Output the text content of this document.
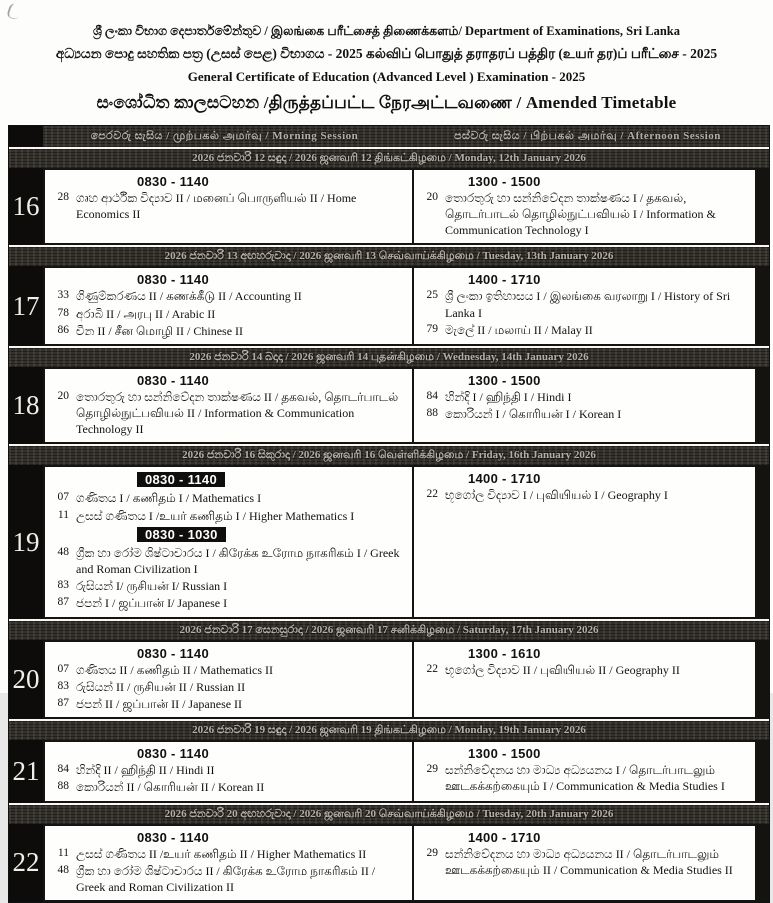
ශ්‍රී ලංකා විභාග දෙපාර්තමේන්තුව / இலங்கை பரீட்சைத் திணைக்களம்/ Department of Examinations, Sri Lanka
අධ්‍යයන පොදු සහතික පත්‍ර (උසස් පෙළ) විභාගය - 2025 கல்விப் பொதுத் தராதரப் பத்திர (உயர் தர)ப் பரீட்சை - 2025
General Certificate of Education (Advanced Level ) Examination - 2025
සංශෝධිත කාලසටහන /திருத்தப்பட்ட நேரஅட்டவணை / Amended Timetable
පෙරවරු සැසිය / முற்பகல் அமர்வு / Morning Session	පස්වරු සැසිය / பிற்பகல் அமர்வு / Afternoon Session
2026 ජනවාරි 12 සඳුදා / 2026 ஜனவரி 12 திங்கட்கிழமை / Monday, 12th January 2026
16
0830 - 1140
28 ගෘහ ආර්ථික විද්‍යාව II / மனைப் பொருளியல் II / Home Economics II
1300 - 1500
20 තොරතුරු හා සන්නිවේදන තාක්ෂණය I / தகவல், தொடர்பாடல் தொழில்நுட்பவியல் I / Information & Communication Technology I
2026 ජනවාරි 13 අඟහරුවාදා / 2026 ஜனவரி 13 செவ்வாய்க்கிழமை / Tuesday, 13th January 2026
17
0830 - 1140
33 ගිණුම්කරණය II / கணக்கீடு II / Accounting II
78 අරාබි II / அரபு II / Arabic II
86 චීන II / சீன மொழி II / Chinese II
1400 - 1710
25 ශ්‍රී ලංකා ඉතිහාසය I / இலங்கை வரலாறு I / History of Sri Lanka I
79 මැලේ II / மலாய் II / Malay II
2026 ජනවාරි 14 බදාදා / 2026 ஜனவரி 14 புதன்கிழமை / Wednesday, 14th January 2026
18
0830 - 1140
20 තොරතුරු හා සන්නිවේදන තාක්ෂණය II / தகவல், தொடர்பாடல் தொழில்நுட்பவியல் II / Information & Communication Technology II
1300 - 1500
84 හින්දි I / ஹிந்தி I / Hindi I
88 කොරියන් I / கொரியன் I / Korean I
2026 ජනවාරි 16 සිකුරාදා / 2026 ஜனவரி 16 வெள்ளிக்கிழமை / Friday, 16th January 2026
19
0830 - 1140
07 ගණිතය I / கணிதம் I / Mathematics I
11 උසස් ගණිතය I /உயர் கணிதம் I / Higher Mathematics I
0830 - 1030
48 ග්‍රීක හා රෝම ශිෂ්ටාචාරය I / கிரேக்க உரோம நாகரிகம் I / Greek and Roman Civilization I
83 රුසියන් I/ ருசியன் I/ Russian I
87 ජපන් I / ஜப்பான் I/ Japanese I
1400 - 1710
22 භූගෝල විද්‍යාව I / புவியியல் I / Geography I
2026 ජනවාරි 17 සෙනසුරාදා / 2026 ஜனவரி 17 சனிக்கிழமை / Saturday, 17th January 2026
20
0830 - 1140
07 ගණිතය II / கணிதம் II / Mathematics II
83 රුසියන් II / ருசியன் II / Russian II
87 ජපන් II / ஜப்பான் II / Japanese II
1300 - 1610
22 භූගෝල විද්‍යාව II / புவியியல் II / Geography II
2026 ජනවාරි 19 සඳුදා / 2026 ஜனவரி 19 திங்கட்கிழமை / Monday, 19th January 2026
21
0830 - 1140
84 හින්දි II / ஹிந்தி II / Hindi II
88 කොරියන් II / கொரியன் II / Korean II
1300 - 1500
29 සන්නිවේදනය හා මාධ්‍ය අධ්‍යයනය I / தொடர்பாடலும் ஊடகக்கற்கையும் I / Communication & Media Studies I
2026 ජනවාරි 20 අඟහරුවාදා / 2026 ஜனவரி 20 செவ்வாய்க்கிழமை / Tuesday, 20th January 2026
22
0830 - 1140
11 උසස් ගණිතය II /உயர் கணிதம் II / Higher Mathematics II
48 ග්‍රීක හා රෝම ශිෂ්ටාචාරය II / கிரேக்க உரோம நாகரிகம் II / Greek and Roman Civilization II
1400 - 1710
29 සන්නිවේදනය හා මාධ්‍ය අධ්‍යයනය II / தொடர்பாடலும் ஊடகக்கற்கையும் II / Communication & Media Studies II
